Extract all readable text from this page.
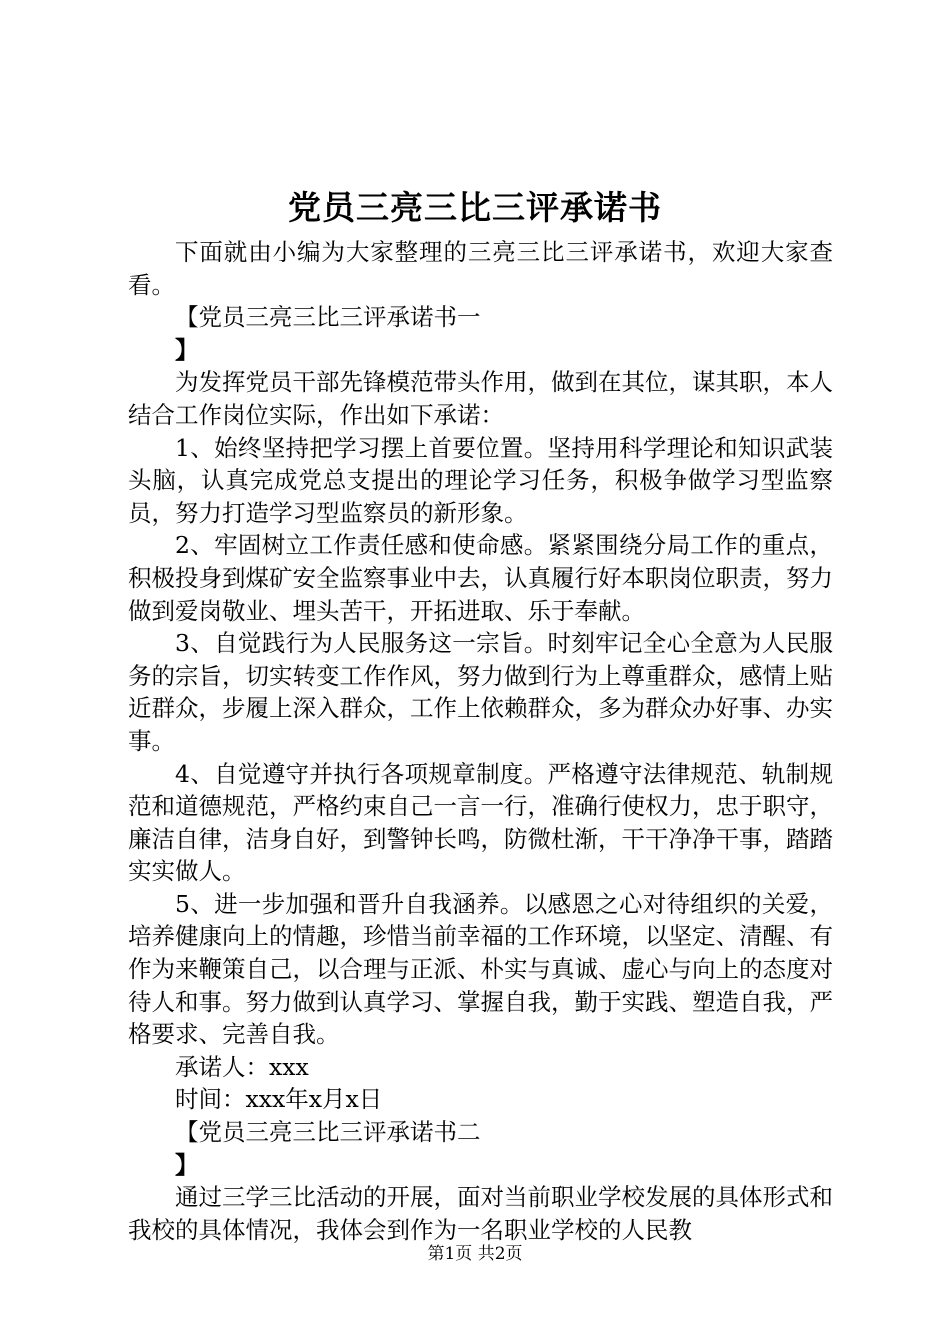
党员三亮三比三评承诺书

下面就由小编为大家整理的三亮三比三评承诺书，欢迎大家查看。

【党员三亮三比三评承诺书一

】

为发挥党员干部先锋模范带头作用，做到在其位，谋其职，本人结合工作岗位实际，作出如下承诺：

1、始终坚持把学习摆上首要位置。坚持用科学理论和知识武装头脑，认真完成党总支提出的理论学习任务，积极争做学习型监察员，努力打造学习型监察员的新形象。

2、牢固树立工作责任感和使命感。紧紧围绕分局工作的重点，积极投身到煤矿安全监察事业中去，认真履行好本职岗位职责，努力做到爱岗敬业、埋头苦干，开拓进取、乐于奉献。

3、自觉践行为人民服务这一宗旨。时刻牢记全心全意为人民服务的宗旨，切实转变工作作风，努力做到行为上尊重群众，感情上贴近群众，步履上深入群众，工作上依赖群众，多为群众办好事、办实事。

4、自觉遵守并执行各项规章制度。严格遵守法律规范、轨制规范和道德规范，严格约束自己一言一行，准确行使权力，忠于职守，廉洁自律，洁身自好，到警钟长鸣，防微杜渐，干干净净干事，踏踏实实做人。

5、进一步加强和晋升自我涵养。以感恩之心对待组织的关爱，培养健康向上的情趣，珍惜当前幸福的工作环境，以坚定、清醒、有作为来鞭策自己，以合理与正派、朴实与真诚、虚心与向上的态度对待人和事。努力做到认真学习、掌握自我，勤于实践、塑造自我，严格要求、完善自我。

承诺人：xxx

时间：xxx年x月x日

【党员三亮三比三评承诺书二

】

通过三学三比活动的开展，面对当前职业学校发展的具体形式和我校的具体情况，我体会到作为一名职业学校的人民教

第1页 共2页
